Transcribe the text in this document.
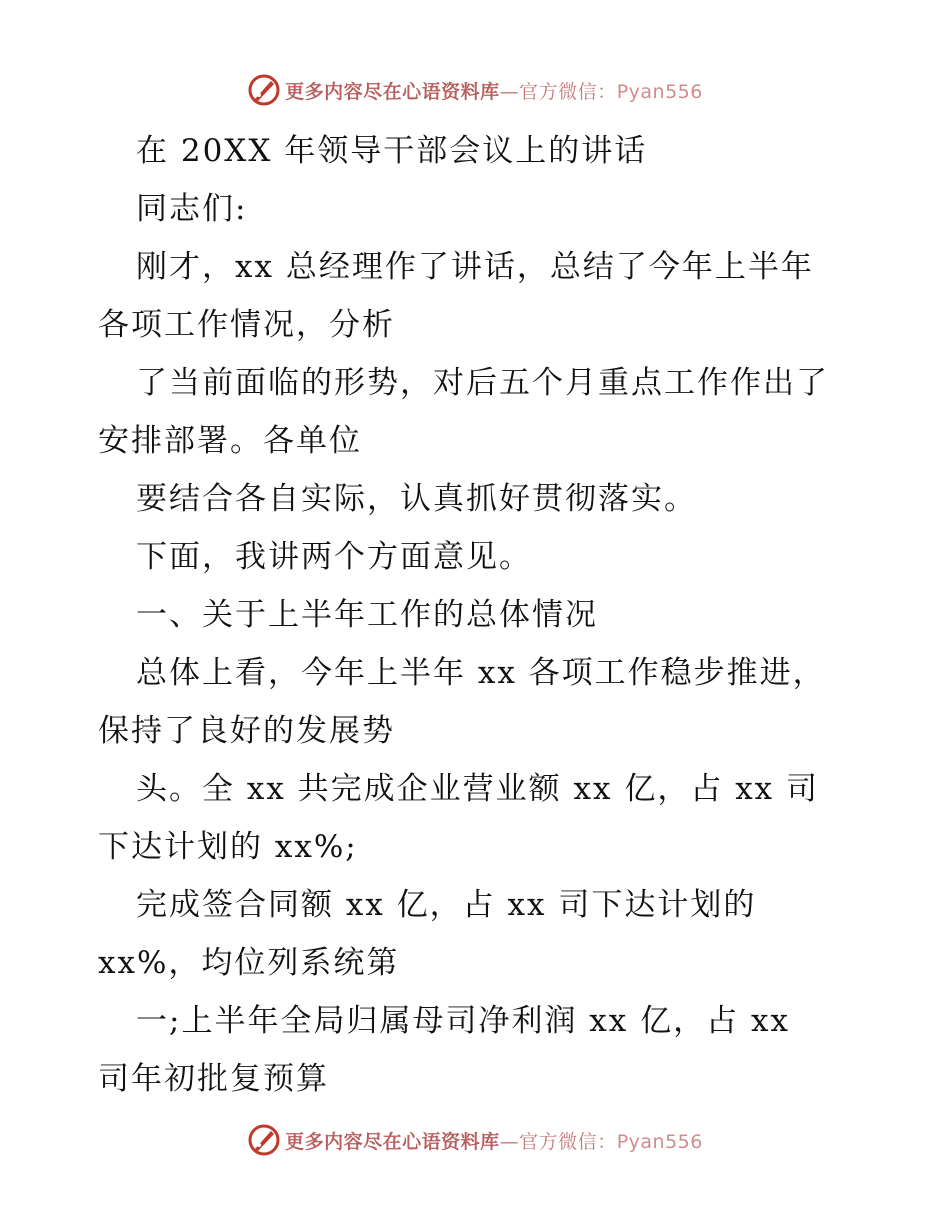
更多内容尽在心语资料库—官方微信：Pyan556
在 20XX 年领导干部会议上的讲话
同志们:
刚才，xx 总经理作了讲话，总结了今年上半年
各项工作情况，分析
了当前面临的形势，对后五个月重点工作作出了
安排部署。各单位
要结合各自实际，认真抓好贯彻落实。
下面，我讲两个方面意见。
一、关于上半年工作的总体情况
总体上看，今年上半年 xx 各项工作稳步推进，
保持了良好的发展势
头。全 xx 共完成企业营业额 xx 亿，占 xx 司
下达计划的 xx%;
完成签合同额 xx 亿，占 xx 司下达计划的
xx%，均位列系统第
一;上半年全局归属母司净利润 xx 亿，占 xx
司年初批复预算
更多内容尽在心语资料库—官方微信：Pyan556
